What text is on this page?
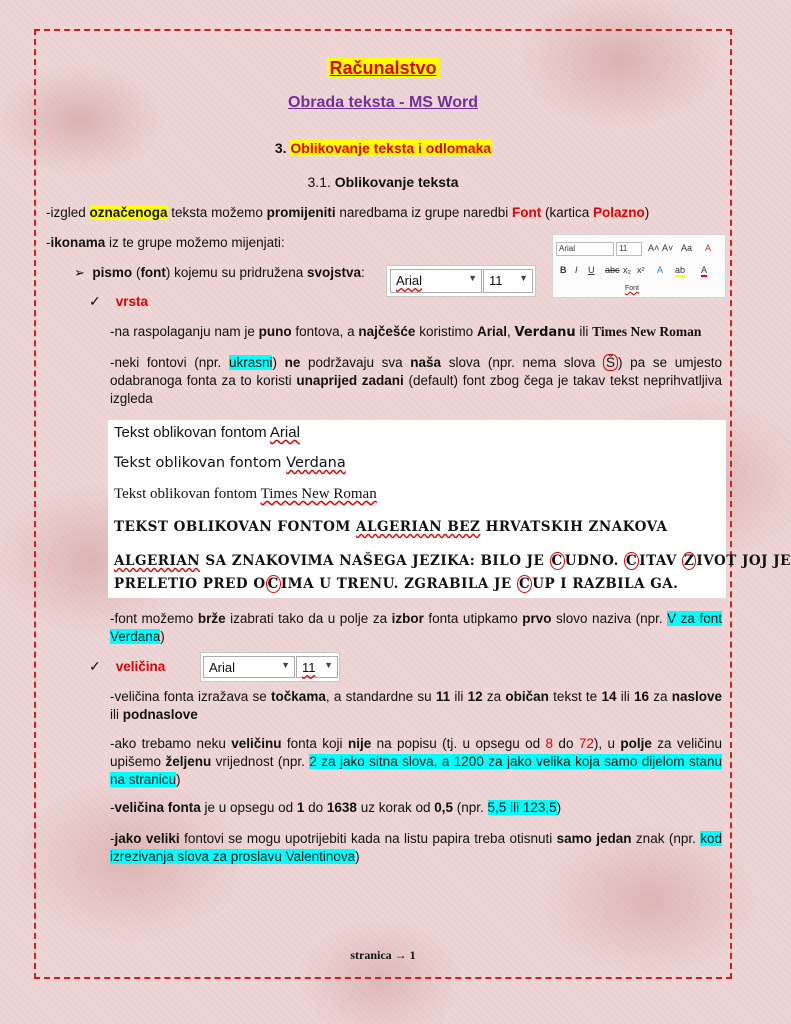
Računalstvo
Obrada teksta - MS Word
3. Oblikovanje teksta i odlomaka
3.1. Oblikovanje teksta

-izgled označenoga teksta možemo promijeniti naredbama iz grupe naredbi Font (kartica Polazno)

-ikonama iz te grupe možemo mijenjati:	Arial	11	A˄ A˅ Aa A
B I U abc x₂ x² A ab A
Font

➢ pismo (font) kojemu su pridružena svojstva:

Arial	▼ 11 ▼

✓ vrsta

-na raspolaganju nam je puno fontova, a najčešće koristimo Arial, Verdanu ili Times New Roman

-neki fontovi (npr. ukrasni) ne podržavaju sva naša slova (npr. nema slova Š ) pa se umjesto odabranoga fonta za to koristi unaprijed zadani (default) font zbog čega je takav tekst neprihvatljiva izgleda

Tekst oblikovan fontom Arial
Tekst oblikovan fontom Verdana
Tekst oblikovan fontom Times New Roman
TEKST OBLIKOVAN FONTOM ALGERIAN BEZ HRVATSKIH ZNAKOVA
ALGERIAN SA ZNAKOVIMA NAŠEGA JEZIKA: BILO JE C UDNO. C ITAV Z IVOT JOJ JE
PRELETIO PRED O C IMA U TRENU. ZGRABILA JE C UP I RAZBILA GA.

-font možemo brže izabrati tako da u polje za izbor fonta utipkamo prvo slovo naziva (npr. V za font Verdana)

✓ veličina	Arial	▼ 11 ▼

-veličina fonta izražava se točkama, a standardne su 11 ili 12 za običan tekst te 14 ili 16 za naslove ili podnaslove

-ako trebamo neku veličinu fonta koji nije na popisu (tj. u opsegu od 8 do 72), u polje za veličinu upišemo željenu vrijednost (npr. 2 za jako sitna slova, a 1200 za jako velika koja samo dijelom stanu na stranicu)

-veličina fonta je u opsegu od 1 do 1638 uz korak od 0,5 (npr. 5,5 ili 123,5)

-jako veliki fontovi se mogu upotrijebiti kada na listu papira treba otisnuti samo jedan znak (npr. kod izrezivanja slova za proslavu Valentinova)

stranica → 1
